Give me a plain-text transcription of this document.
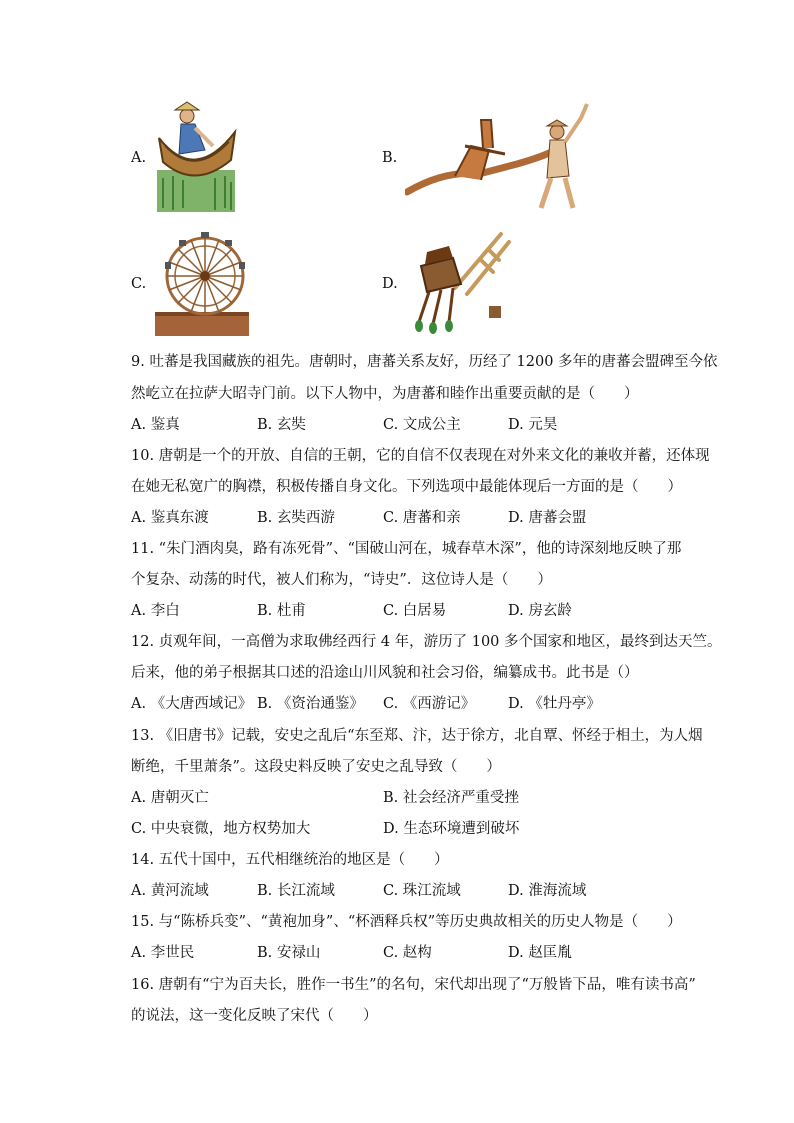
A.	B.
C.	D.
9. 吐蕃是我国藏族的祖先。唐朝时，唐蕃关系友好，历经了 1200 多年的唐蕃会盟碑至今依
然屹立在拉萨大昭寺门前。以下人物中，为唐蕃和睦作出重要贡献的是（　　）
A. 鉴真	B. 玄奘	C. 文成公主	D. 元昊
10. 唐朝是一个的开放、自信的王朝，它的自信不仅表现在对外来文化的兼收并蓄，还体现
在她无私宽广的胸襟，积极传播自身文化。下列选项中最能体现后一方面的是（　　）
A. 鉴真东渡	B. 玄奘西游	C. 唐蕃和亲	D. 唐蕃会盟
11. “朱门酒肉臭，路有冻死骨”、“国破山河在，城春草木深”，他的诗深刻地反映了那
个复杂、动荡的时代，被人们称为，“诗史”．这位诗人是（　　）
A. 李白	B. 杜甫	C. 白居易	D. 房玄龄
12. 贞观年间，一高僧为求取佛经西行 4 年，游历了 100 多个国家和地区，最终到达天竺。
后来，他的弟子根据其口述的沿途山川风貌和社会习俗，编纂成书。此书是（）
A. 《大唐西域记》 B. 《资治通鉴》 C. 《西游记》 D. 《牡丹亭》
13. 《旧唐书》记载，安史之乱后“东至郑、汴，达于徐方，北自覃、怀经于相土，为人烟
断绝，千里萧条”。这段史料反映了安史之乱导致（　　）
A. 唐朝灭亡	B. 社会经济严重受挫
C. 中央衰微，地方权势加大	D. 生态环境遭到破坏
14. 五代十国中，五代相继统治的地区是（　　）
A. 黄河流域	B. 长江流域	C. 珠江流域	D. 淮海流域
15. 与“陈桥兵变”、“黄袍加身”、“杯酒释兵权”等历史典故相关的历史人物是（　　）
A. 李世民	B. 安禄山	C. 赵构	D. 赵匡胤
16. 唐朝有“宁为百夫长，胜作一书生”的名句，宋代却出现了“万般皆下品，唯有读书高”
的说法，这一变化反映了宋代（　　）
